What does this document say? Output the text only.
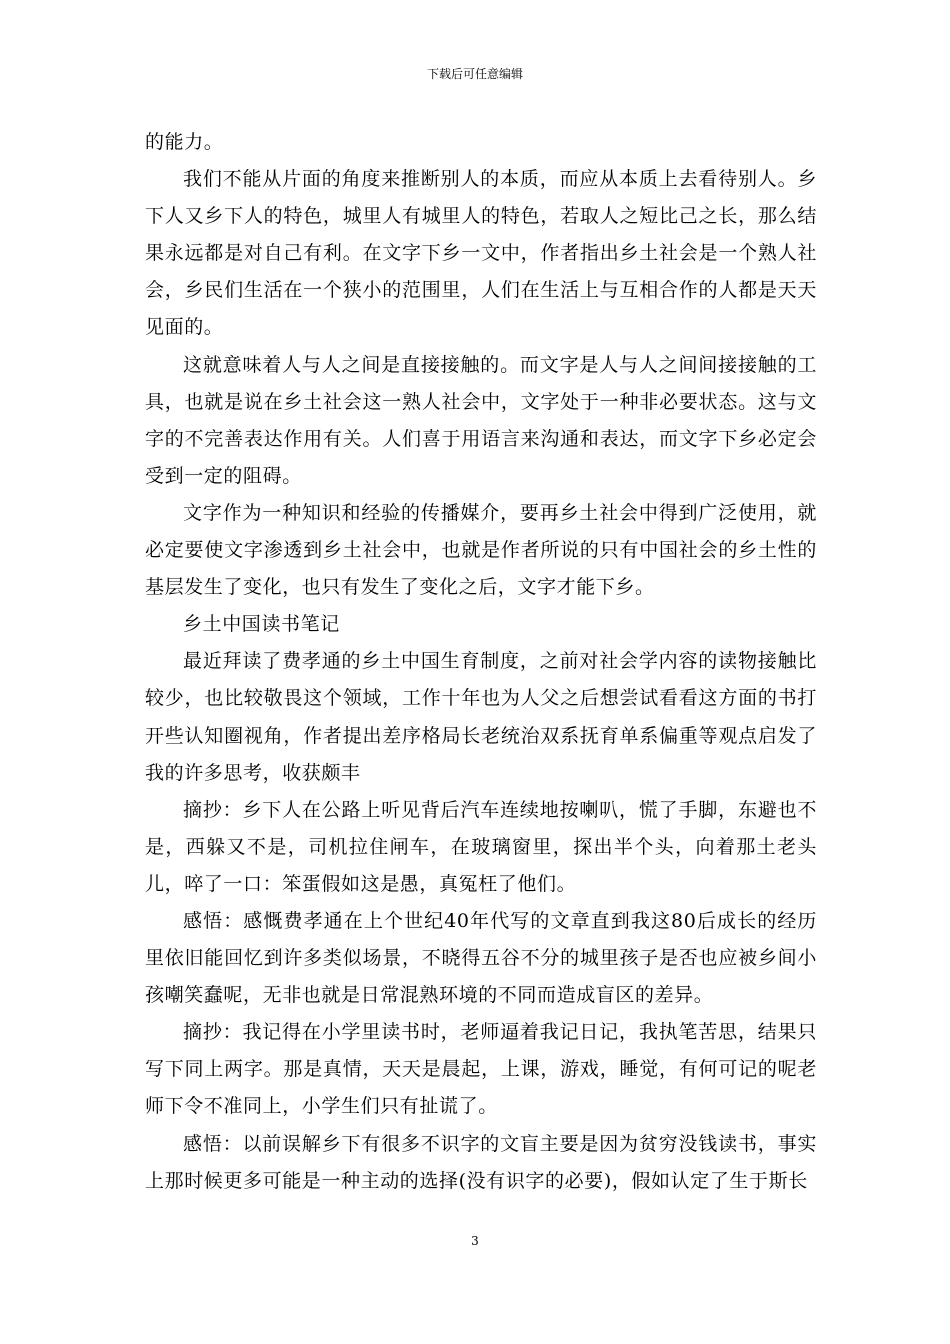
下载后可任意编辑

的能力。

我们不能从片面的角度来推断别人的本质，而应从本质上去看待别人。乡下人又乡下人的特色，城里人有城里人的特色，若取人之短比己之长，那么结果永远都是对自己有利。在文字下乡一文中，作者指出乡土社会是一个熟人社会，乡民们生活在一个狭小的范围里，人们在生活上与互相合作的人都是天天见面的。

这就意味着人与人之间是直接接触的。而文字是人与人之间间接接触的工具，也就是说在乡土社会这一熟人社会中，文字处于一种非必要状态。这与文字的不完善表达作用有关。人们喜于用语言来沟通和表达，而文字下乡必定会受到一定的阻碍。

文字作为一种知识和经验的传播媒介，要再乡土社会中得到广泛使用，就必定要使文字渗透到乡土社会中，也就是作者所说的只有中国社会的乡土性的基层发生了变化，也只有发生了变化之后，文字才能下乡。

乡土中国读书笔记

最近拜读了费孝通的乡土中国生育制度，之前对社会学内容的读物接触比较少，也比较敬畏这个领域，工作十年也为人父之后想尝试看看这方面的书打开些认知圈视角，作者提出差序格局长老统治双系抚育单系偏重等观点启发了我的许多思考，收获颇丰

摘抄：乡下人在公路上听见背后汽车连续地按喇叭，慌了手脚，东避也不是，西躲又不是，司机拉住闸车，在玻璃窗里，探出半个头，向着那土老头儿，啐了一口：笨蛋假如这是愚，真冤枉了他们。

感悟：感慨费孝通在上个世纪40年代写的文章直到我这80后成长的经历里依旧能回忆到许多类似场景，不晓得五谷不分的城里孩子是否也应被乡间小孩嘲笑蠢呢，无非也就是日常混熟环境的不同而造成盲区的差异。

摘抄：我记得在小学里读书时，老师逼着我记日记，我执笔苦思，结果只写下同上两字。那是真情，天天是晨起，上课，游戏，睡觉，有何可记的呢老师下令不准同上，小学生们只有扯谎了。

感悟：以前误解乡下有很多不识字的文盲主要是因为贫穷没钱读书，事实上那时候更多可能是一种主动的选择(没有识字的必要)，假如认定了生于斯长

3
